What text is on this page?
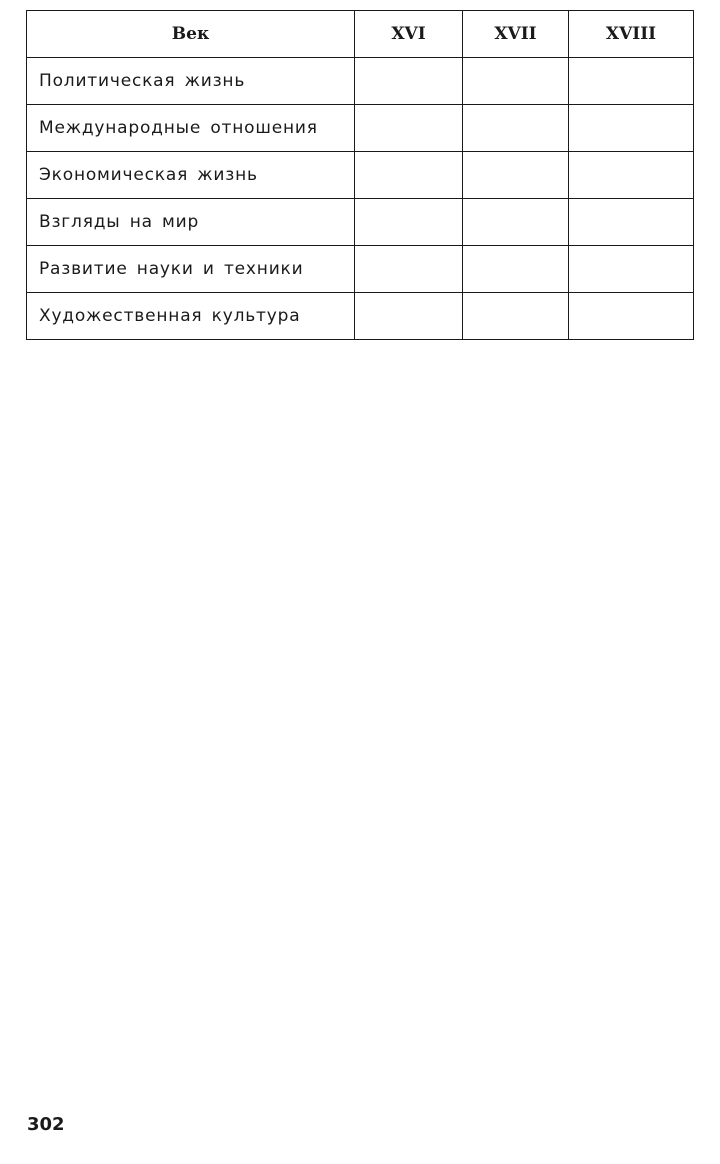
Век	XVI	XVII	XVIII
Политическая жизнь			
Международные отношения			
Экономическая жизнь			
Взгляды на мир			
Развитие науки и техники			
Художественная культура			
302
